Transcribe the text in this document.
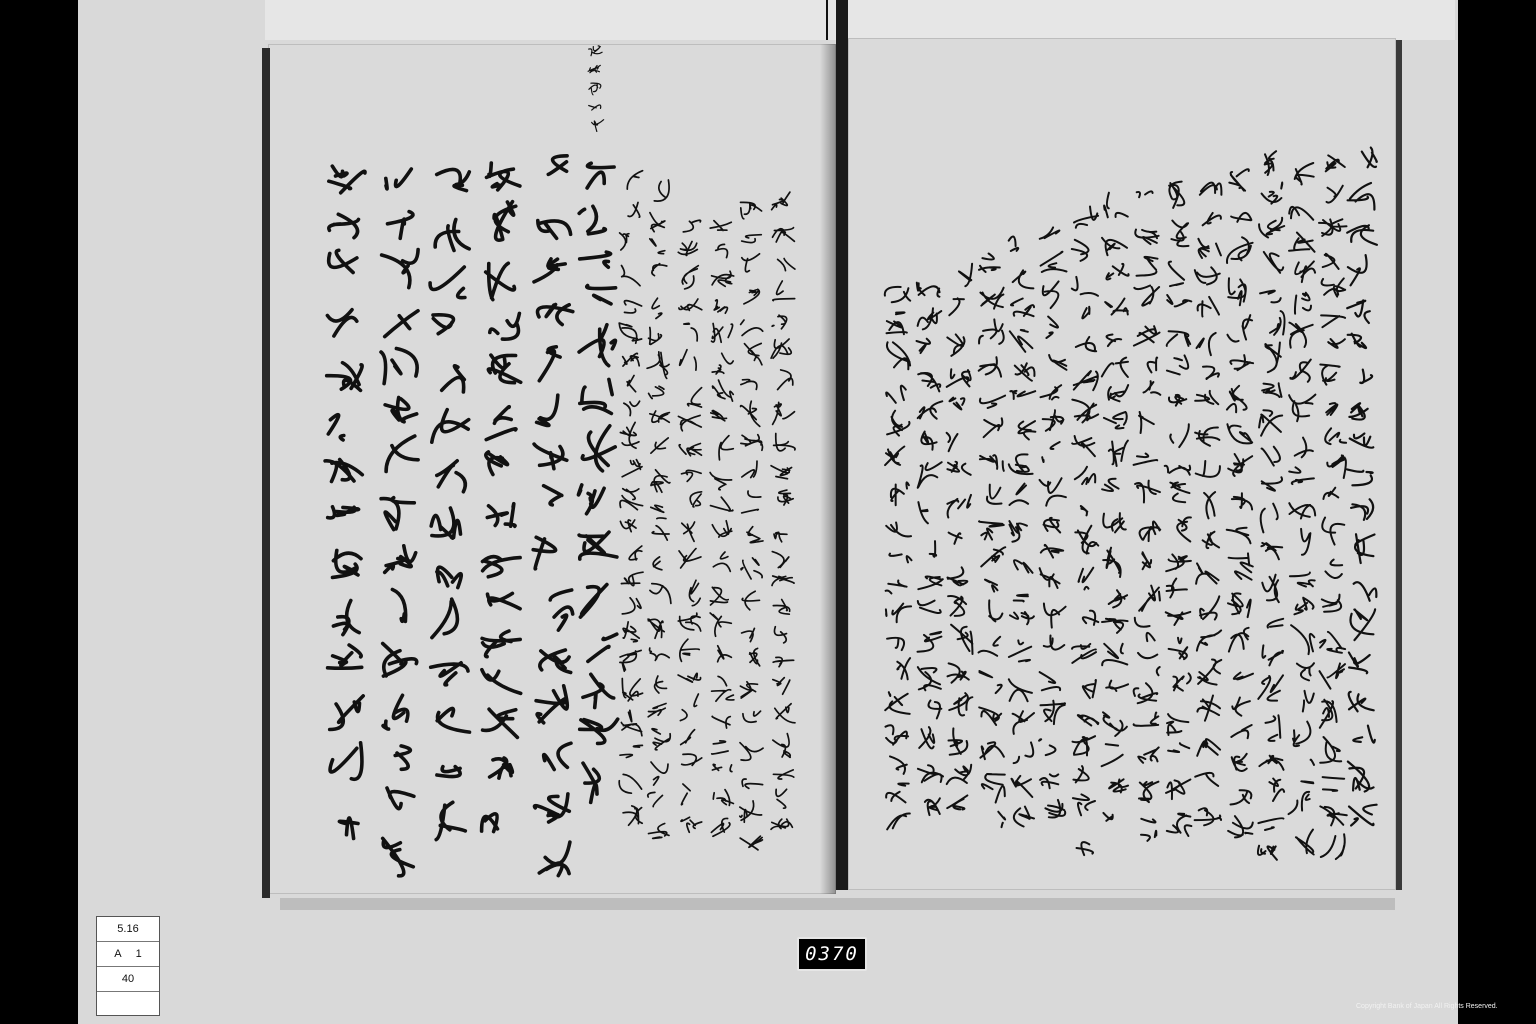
5.16
A 1
40
0370
Copyright Bank of Japan All Rights Reserved.
